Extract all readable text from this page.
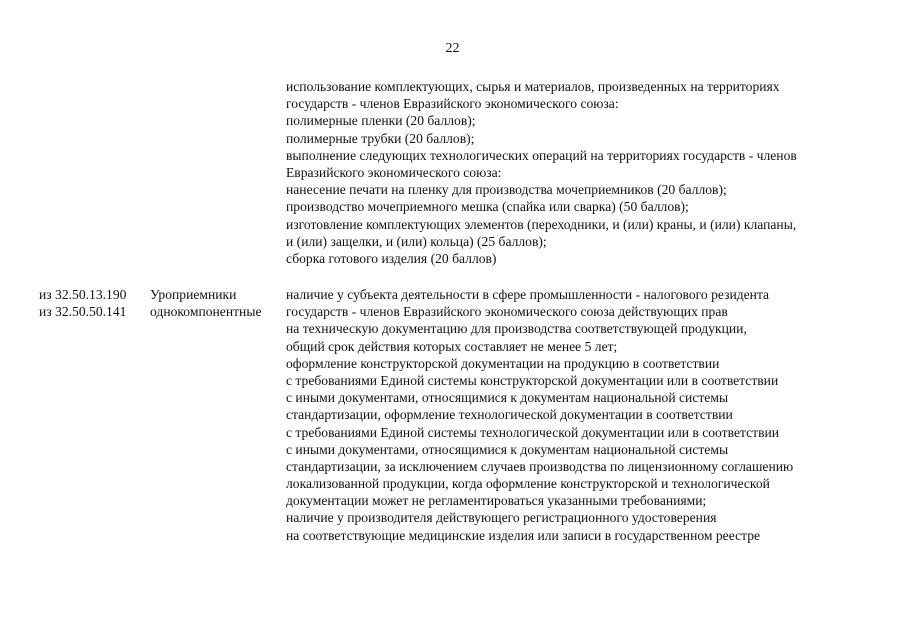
22
использование комплектующих, сырья и материалов, произведенных на территориях
государств - членов Евразийского экономического союза:
полимерные пленки (20 баллов);
полимерные трубки (20 баллов);
выполнение следующих технологических операций на территориях государств - членов
Евразийского экономического союза:
нанесение печати на пленку для производства мочеприемников (20 баллов);
производство мочеприемного мешка (спайка или сварка) (50 баллов);
изготовление комплектующих элементов (переходники, и (или) краны, и (или) клапаны,
и (или) защелки, и (или) кольца) (25 баллов);
сборка готового изделия (20 баллов)
из 32.50.13.190
из 32.50.50.141
Уроприемники
однокомпонентные
наличие у субъекта деятельности в сфере промышленности - налогового резидента
государств - членов Евразийского экономического союза действующих прав
на техническую документацию для производства соответствующей продукции,
общий срок действия которых составляет не менее 5 лет;
оформление конструкторской документации на продукцию в соответствии
с требованиями Единой системы конструкторской документации или в соответствии
с иными документами, относящимися к документам национальной системы
стандартизации, оформление технологической документации в соответствии
с требованиями Единой системы технологической документации или в соответствии
с иными документами, относящимися к документам национальной системы
стандартизации, за исключением случаев производства по лицензионному соглашению
локализованной продукции, когда оформление конструкторской и технологической
документации может не регламентироваться указанными требованиями;
наличие у производителя действующего регистрационного удостоверения
на соответствующие медицинские изделия или записи в государственном реестре
